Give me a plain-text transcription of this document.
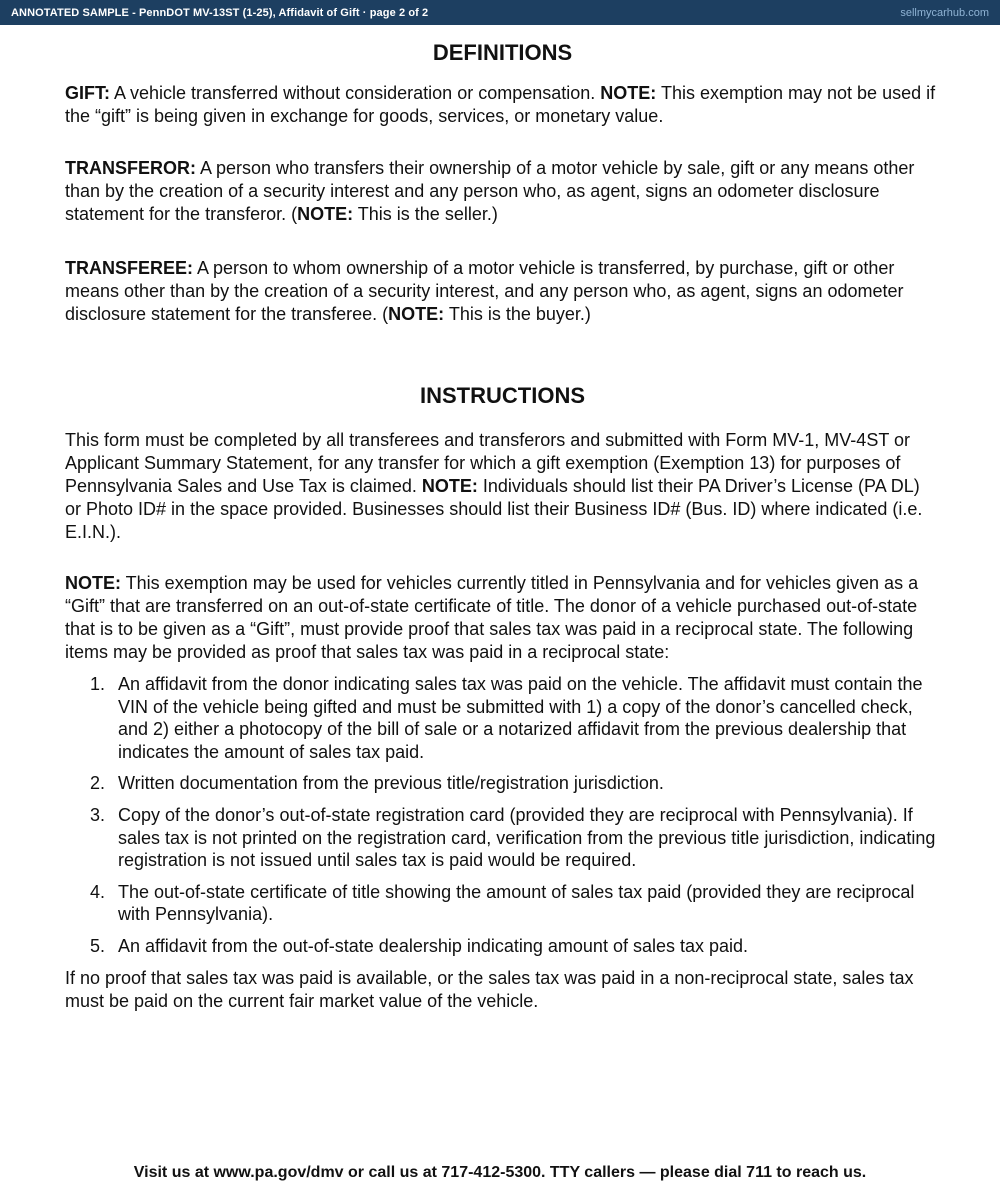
ANNOTATED SAMPLE - PennDOT MV-13ST (1-25), Affidavit of Gift · page 2 of 2	sellmycarhub.com
DEFINITIONS

GIFT: A vehicle transferred without consideration or compensation. NOTE: This exemption may not be used if the “gift” is being given in exchange for goods, services, or monetary value.

TRANSFEROR: A person who transfers their ownership of a motor vehicle by sale, gift or any means other than by the creation of a security interest and any person who, as agent, signs an odometer disclosure statement for the transferor. (NOTE: This is the seller.)

TRANSFEREE: A person to whom ownership of a motor vehicle is transferred, by purchase, gift or other means other than by the creation of a security interest, and any person who, as agent, signs an odometer disclosure statement for the transferee. (NOTE: This is the buyer.)

INSTRUCTIONS

This form must be completed by all transferees and transferors and submitted with Form MV-1, MV-4ST or Applicant Summary Statement, for any transfer for which a gift exemption (Exemption 13) for purposes of Pennsylvania Sales and Use Tax is claimed. NOTE: Individuals should list their PA Driver’s License (PA DL) or Photo ID# in the space provided. Businesses should list their Business ID# (Bus. ID) where indicated (i.e. E.I.N.).

NOTE: This exemption may be used for vehicles currently titled in Pennsylvania and for vehicles given as a “Gift” that are transferred on an out-of-state certificate of title. The donor of a vehicle purchased out-of-state that is to be given as a “Gift”, must provide proof that sales tax was paid in a reciprocal state. The following items may be provided as proof that sales tax was paid in a reciprocal state:

1. An affidavit from the donor indicating sales tax was paid on the vehicle. The affidavit must contain the VIN of the vehicle being gifted and must be submitted with 1) a copy of the donor’s cancelled check, and 2) either a photocopy of the bill of sale or a notarized affidavit from the previous dealership that indicates the amount of sales tax paid.
2. Written documentation from the previous title/registration jurisdiction.
3. Copy of the donor’s out-of-state registration card (provided they are reciprocal with Pennsylvania). If sales tax is not printed on the registration card, verification from the previous title jurisdiction, indicating registration is not issued until sales tax is paid would be required.
4. The out-of-state certificate of title showing the amount of sales tax paid (provided they are reciprocal with Pennsylvania).
5. An affidavit from the out-of-state dealership indicating amount of sales tax paid.

If no proof that sales tax was paid is available, or the sales tax was paid in a non-reciprocal state, sales tax must be paid on the current fair market value of the vehicle.

Visit us at www.pa.gov/dmv or call us at 717-412-5300. TTY callers — please dial 711 to reach us.
